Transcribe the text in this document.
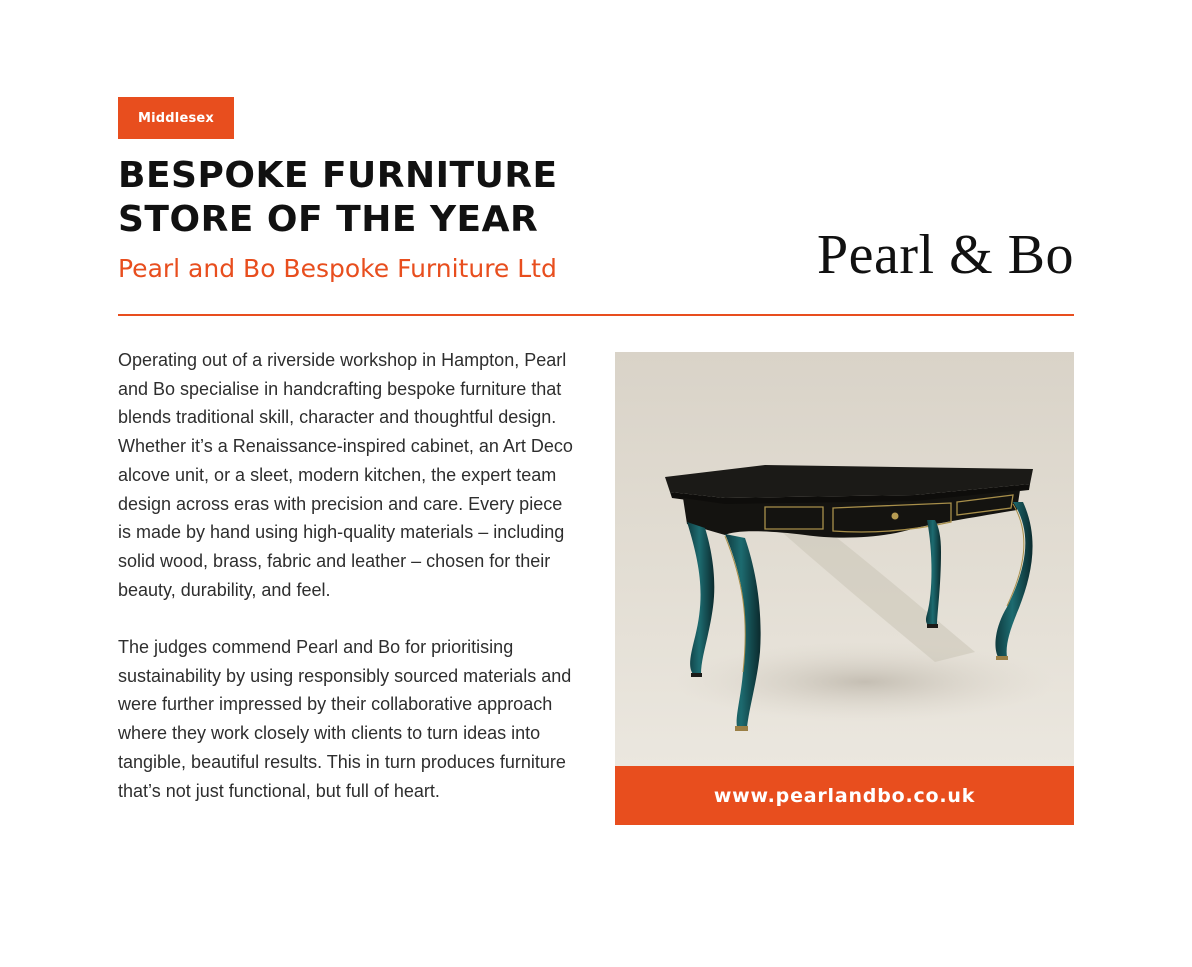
Middlesex
BESPOKE FURNITURE
STORE OF THE YEAR
Pearl and Bo Bespoke Furniture Ltd	Pearl & Bo

Operating out of a riverside workshop in Hampton, Pearl and Bo specialise in handcrafting bespoke furniture that blends traditional skill, character and thoughtful design. Whether it’s a Renaissance-inspired cabinet, an Art Deco alcove unit, or a sleet, modern kitchen, the expert team design across eras with precision and care. Every piece is made by hand using high-quality materials – including solid wood, brass, fabric and leather – chosen for their beauty, durability, and feel.

The judges commend Pearl and Bo for prioritising sustainability by using responsibly sourced materials and were further impressed by their collaborative approach where they work closely with clients to turn ideas into tangible, beautiful results. This in turn produces furniture that’s not just functional, but full of heart.	www.pearlandbo.co.uk
